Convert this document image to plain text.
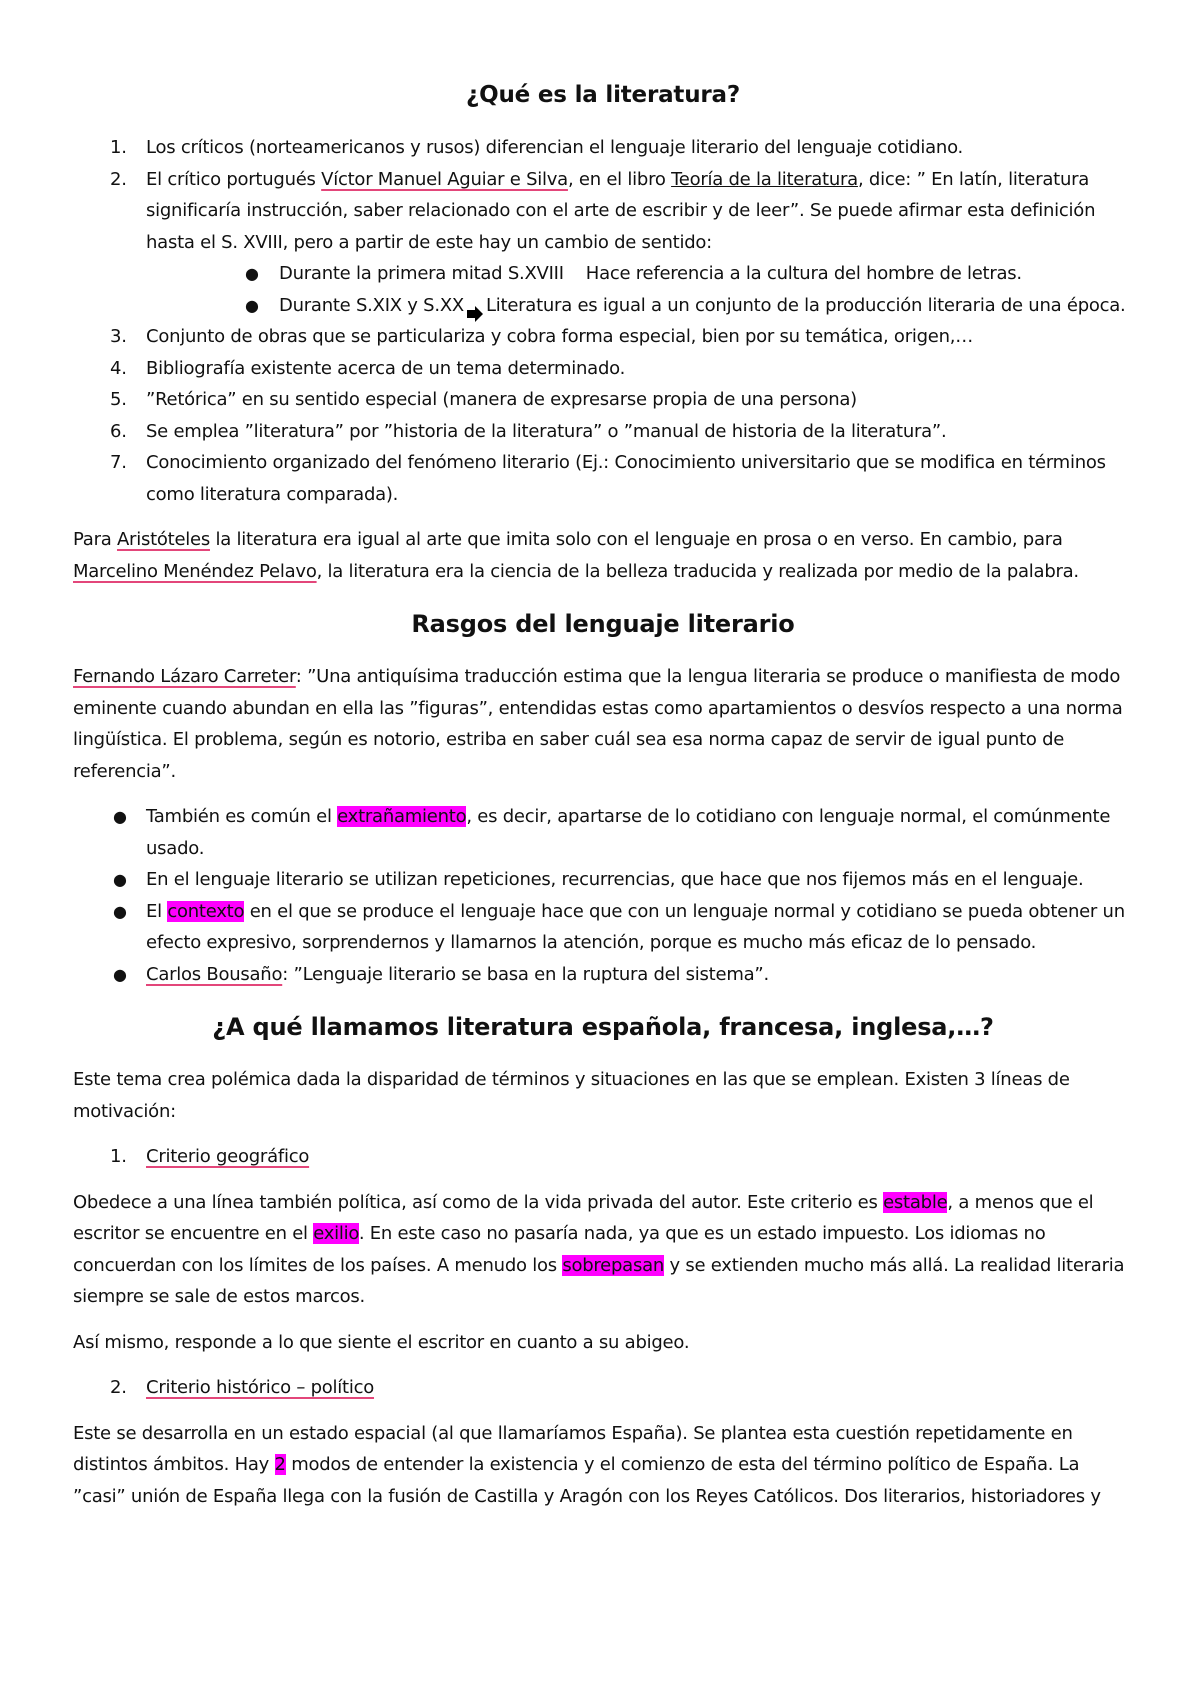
¿Qué es la literatura?
1. Los críticos (norteamericanos y rusos) diferencian el lenguaje literario del lenguaje cotidiano.
2. El crítico portugués Víctor Manuel Aguiar e Silva, en el libro Teoría de la literatura, dice: ” En latín, literatura significaría instrucción, saber relacionado con el arte de escribir y de leer”. Se puede afirmar esta definición hasta el S. XVIII, pero a partir de este hay un cambio de sentido:
● Durante la primera mitad S.XVIII Hace referencia a la cultura del hombre de letras.
● Durante S.XIX y S.XX Literatura es igual a un conjunto de la producción literaria de una época.
3. Conjunto de obras que se particulariza y cobra forma especial, bien por su temática, origen,…
4. Bibliografía existente acerca de un tema determinado.
5. ”Retórica” en su sentido especial (manera de expresarse propia de una persona)
6. Se emplea ”literatura” por ”historia de la literatura” o ”manual de historia de la literatura”.
7. Conocimiento organizado del fenómeno literario (Ej.: Conocimiento universitario que se modifica en términos como literatura comparada).

Para Aristóteles la literatura era igual al arte que imita solo con el lenguaje en prosa o en verso. En cambio, para Marcelino Menéndez Pelavo, la literatura era la ciencia de la belleza traducida y realizada por medio de la palabra.

Rasgos del lenguaje literario

Fernando Lázaro Carreter: ”Una antiquísima traducción estima que la lengua literaria se produce o manifiesta de modo eminente cuando abundan en ella las ”figuras”, entendidas estas como apartamientos o desvíos respecto a una norma lingüística. El problema, según es notorio, estriba en saber cuál sea esa norma capaz de servir de igual punto de referencia”.

● También es común el extrañamiento, es decir, apartarse de lo cotidiano con lenguaje normal, el comúnmente usado.
● En el lenguaje literario se utilizan repeticiones, recurrencias, que hace que nos fijemos más en el lenguaje.
● El contexto en el que se produce el lenguaje hace que con un lenguaje normal y cotidiano se pueda obtener un efecto expresivo, sorprendernos y llamarnos la atención, porque es mucho más eficaz de lo pensado.
● Carlos Bousaño: ”Lenguaje literario se basa en la ruptura del sistema”.
¿A qué llamamos literatura española, francesa, inglesa,…?

Este tema crea polémica dada la disparidad de términos y situaciones en las que se emplean. Existen 3 líneas de motivación:

1. Criterio geográfico

Obedece a una línea también política, así como de la vida privada del autor. Este criterio es estable, a menos que el escritor se encuentre en el exilio. En este caso no pasaría nada, ya que es un estado impuesto. Los idiomas no concuerdan con los límites de los países. A menudo los sobrepasan y se extienden mucho más allá. La realidad literaria siempre se sale de estos marcos.

Así mismo, responde a lo que siente el escritor en cuanto a su abigeo.

2. Criterio histórico – político

Este se desarrolla en un estado espacial (al que llamaríamos España). Se plantea esta cuestión repetidamente en distintos ámbitos. Hay 2 modos de entender la existencia y el comienzo de esta del término político de España. La ”casi” unión de España llega con la fusión de Castilla y Aragón con los Reyes Católicos. Dos literarios, historiadores y
